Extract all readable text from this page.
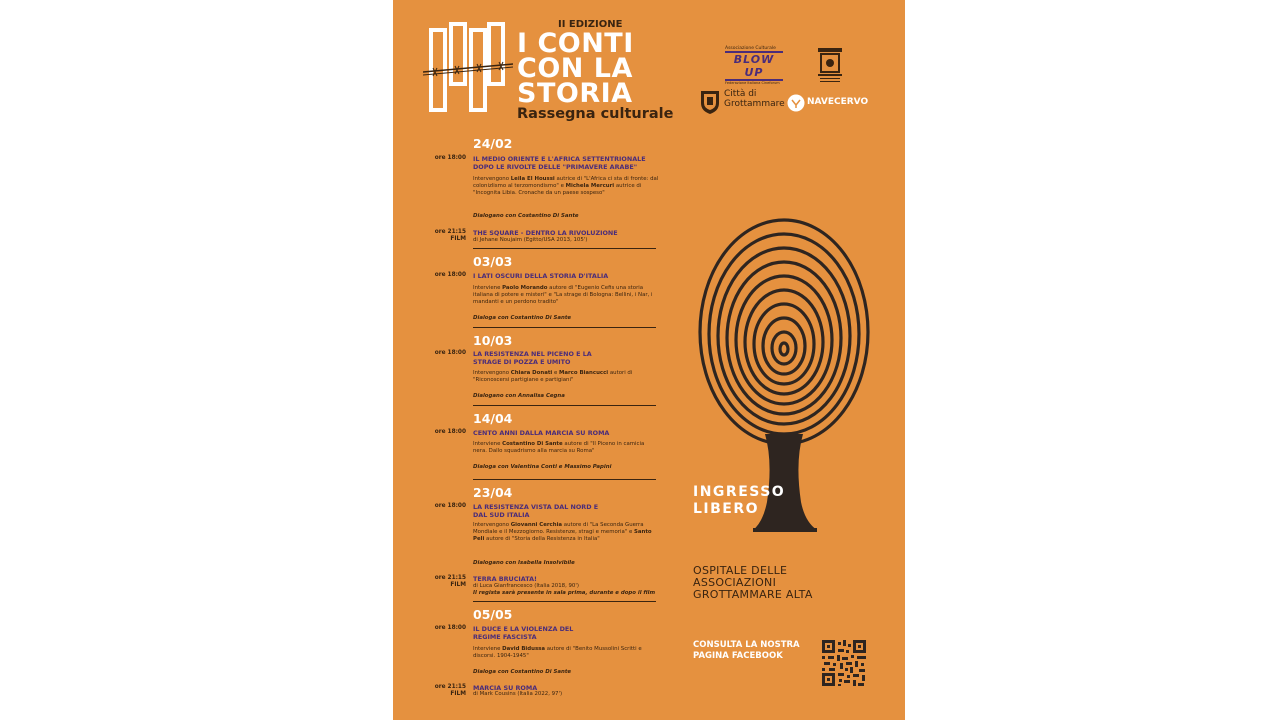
II EDIZIONE
I CONTI
CON LA
STORIA
Rassegna culturale
Associazione Culturale
BLOW UP
Federazione Italiana Cineforum
Città di
Grottammare NAVECERVO
24/02
ore 18:00 IL MEDIO ORIENTE E L'AFRICA SETTENTRIONALE DOPO LE RIVOLTE DELLE "PRIMAVERE ARABE"
Intervengono Leila El Houssi autrice di "L'Africa ci sta di fronte: dal colonizlismo al terzomondismo" e Michela Mercuri autrice di "Incognita Libia. Cronache da un paese sospeso"
Dialogano con Costantino Di Sante
ore 21:15
FILM
THE SQUARE - DENTRO LA RIVOLUZIONE
di Jehane Noujaim (Egitto/USA 2013, 105')
03/03
ore 18:00 I LATI OSCURI DELLA STORIA D'ITALIA
Interviene Paolo Morando autore di "Eugenio Cefis una storia italiana di potere e misteri" e "La strage di Bologna: Bellini, i Nar, i mandanti e un perdono tradito"
Dialoga con Costantino Di Sante
10/03
ore 18:00 LA RESISTENZA NEL PICENO E LA STRAGE DI POZZA E UMITO
Intervengono Chiara Donati e Marco Biancucci autori di "Riconoscersi partigiane e partigiani"
Dialogano con Annalisa Cegna
14/04
ore 18:00 CENTO ANNI DALLA MARCIA SU ROMA
Interviene Costantino Di Sante autore di "Il Piceno in camicia nera. Dallo squadrismo alla marcia su Roma"
Dialoga con Valentina Conti e Massimo Papini
23/04
ore 18:00 LA RESISTENZA VISTA DAL NORD E DAL SUD ITALIA
Intervengono Giovanni Cerchia autore di "La Seconda Guerra Mondiale e il Mezzogiorno. Resistenze, stragi e memoria" e Santo Peli autore di "Storia della Resistenza in Italia"
Dialogano con Isabella Insolvibile
ore 21:15
FILM
TERRA BRUCIATA!
di Luca Gianfrancesco (Italia 2018, 90')
Il regista sarà presente in sala prima, durante e dopo il film
05/05
ore 18:00 IL DUCE E LA VIOLENZA DEL REGIME FASCISTA
Interviene David Bidussa autore di "Benito Mussolini Scritti e discorsi. 1904-1945"
Dialoga con Costantino Di Sante
ore 21:15
FILM
MARCIA SU ROMA
di Mark Cousins (Italia 2022, 97')
INGRESSO
LIBERO
OSPITALE DELLE
ASSOCIAZIONI
GROTTAMMARE ALTA
CONSULTA LA NOSTRA
PAGINA FACEBOOK
